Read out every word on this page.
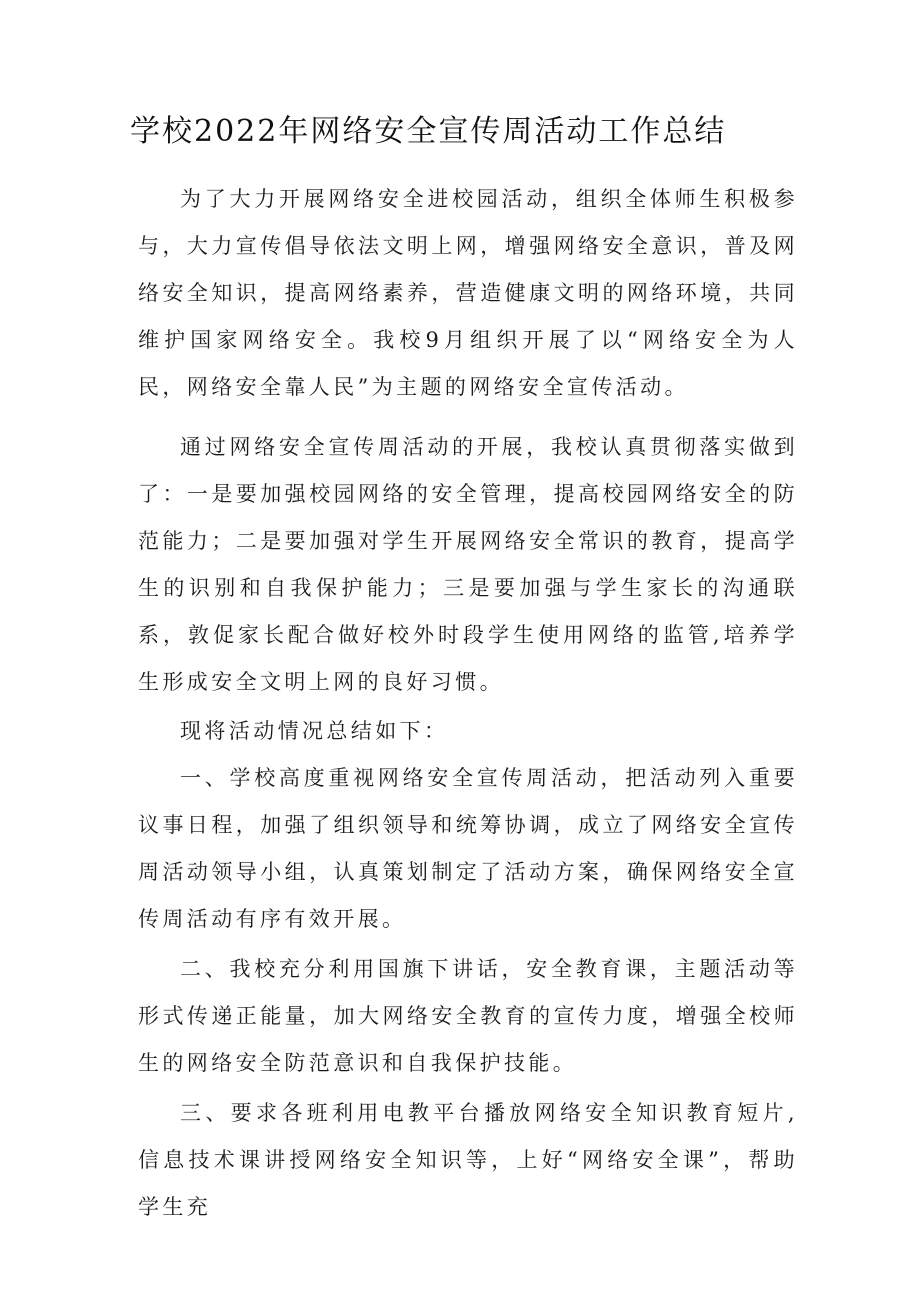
学校2022年网络安全宣传周活动工作总结

为了大力开展网络安全进校园活动，组织全体师生积极参与，大力宣传倡导依法文明上网，增强网络安全意识，普及网络安全知识，提高网络素养，营造健康文明的网络环境，共同维护国家网络安全。我校9月组织开展了以“网络安全为人民，网络安全靠人民”为主题的网络安全宣传活动。

通过网络安全宣传周活动的开展，我校认真贯彻落实做到了：一是要加强校园网络的安全管理，提高校园网络安全的防范能力；二是要加强对学生开展网络安全常识的教育，提高学生的识别和自我保护能力；三是要加强与学生家长的沟通联系，敦促家长配合做好校外时段学生使用网络的监管,培养学生形成安全文明上网的良好习惯。

现将活动情况总结如下：

一、学校高度重视网络安全宣传周活动，把活动列入重要议事日程，加强了组织领导和统筹协调，成立了网络安全宣传周活动领导小组，认真策划制定了活动方案，确保网络安全宣传周活动有序有效开展。

二、我校充分利用国旗下讲话，安全教育课，主题活动等形式传递正能量，加大网络安全教育的宣传力度，增强全校师生的网络安全防范意识和自我保护技能。

三、要求各班利用电教平台播放网络安全知识教育短片,信息技术课讲授网络安全知识等，上好“网络安全课”，帮助学生充
